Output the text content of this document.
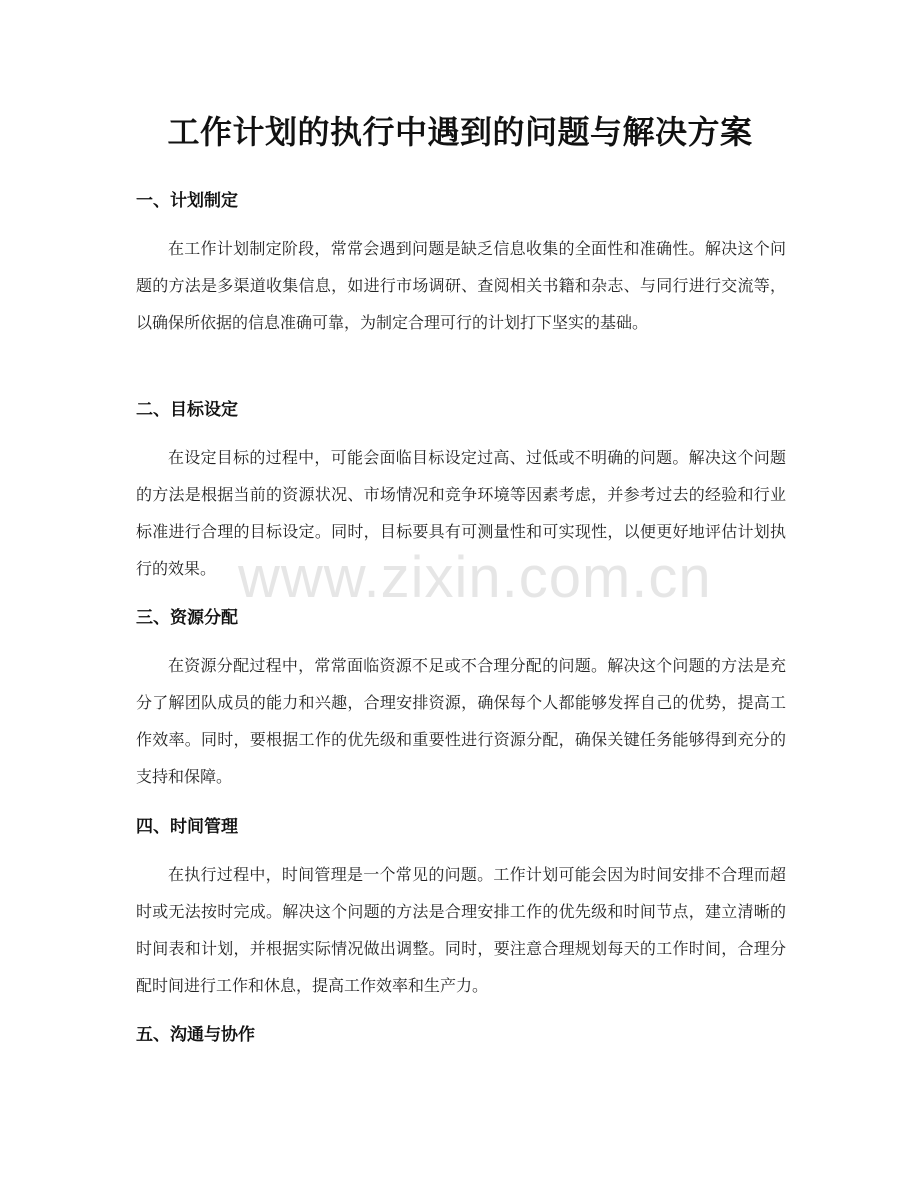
工作计划的执行中遇到的问题与解决方案
一、计划制定
在工作计划制定阶段，常常会遇到问题是缺乏信息收集的全面性和准确性。解决这个问题的方法是多渠道收集信息，如进行市场调研、查阅相关书籍和杂志、与同行进行交流等，以确保所依据的信息准确可靠，为制定合理可行的计划打下坚实的基础。
二、目标设定
在设定目标的过程中，可能会面临目标设定过高、过低或不明确的问题。解决这个问题的方法是根据当前的资源状况、市场情况和竞争环境等因素考虑，并参考过去的经验和行业标准进行合理的目标设定。同时，目标要具有可测量性和可实现性，以便更好地评估计划执行的效果。
三、资源分配
在资源分配过程中，常常面临资源不足或不合理分配的问题。解决这个问题的方法是充分了解团队成员的能力和兴趣，合理安排资源，确保每个人都能够发挥自己的优势，提高工作效率。同时，要根据工作的优先级和重要性进行资源分配，确保关键任务能够得到充分的支持和保障。
四、时间管理
在执行过程中，时间管理是一个常见的问题。工作计划可能会因为时间安排不合理而超时或无法按时完成。解决这个问题的方法是合理安排工作的优先级和时间节点，建立清晰的时间表和计划，并根据实际情况做出调整。同时，要注意合理规划每天的工作时间，合理分配时间进行工作和休息，提高工作效率和生产力。
五、沟通与协作
www.zixin.com.cn
